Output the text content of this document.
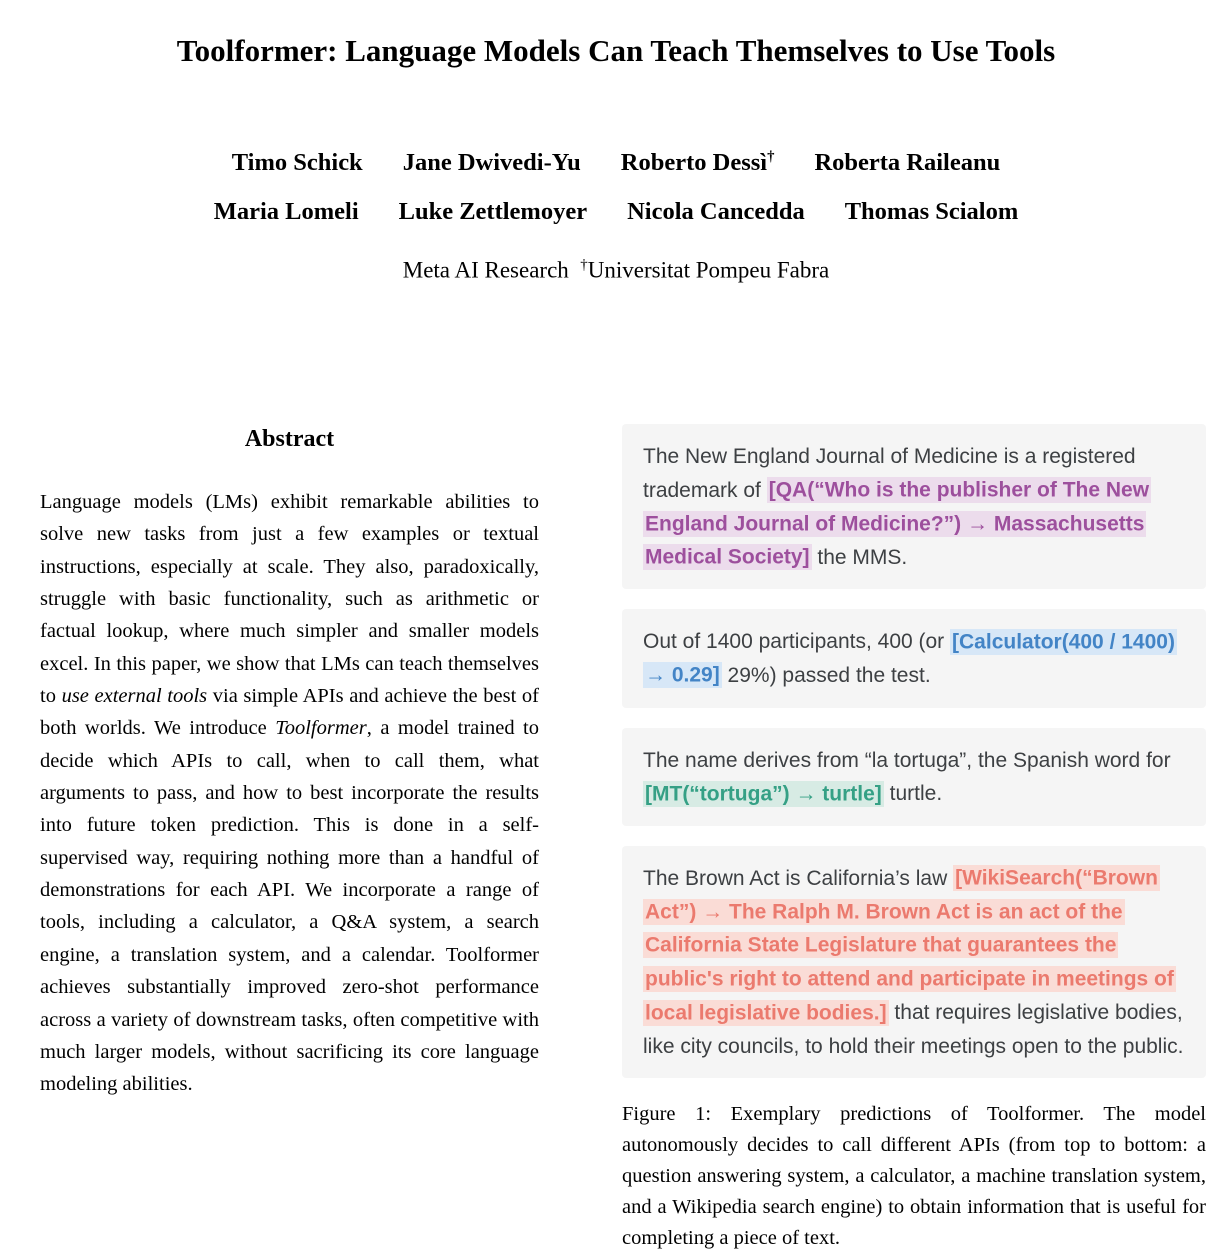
Toolformer: Language Models Can Teach Themselves to Use Tools
Timo Schick Jane Dwivedi-Yu Roberto Dessì† Roberta Raileanu
Maria Lomeli Luke Zettlemoyer Nicola Cancedda Thomas Scialom

Meta AI Research †Universitat Pompeu Fabra

Abstract

Language models (LMs) exhibit remarkable abilities to solve new tasks from just a few examples or textual instructions, especially at scale. They also, paradoxically, struggle with basic functionality, such as arithmetic or factual lookup, where much simpler and smaller models excel. In this paper, we show that LMs can teach themselves to use external tools via simple APIs and achieve the best of both worlds. We introduce Toolformer, a model trained to decide which APIs to call, when to call them, what arguments to pass, and how to best incorporate the results into future token prediction. This is done in a self-supervised way, requiring nothing more than a handful of demonstrations for each API. We incorporate a range of tools, including a calculator, a Q&A system, a search engine, a translation system, and a calendar. Toolformer achieves substantially improved zero-shot performance across a variety of downstream tasks, often competitive with much larger models, without sacrificing its core language modeling abilities.

The New England Journal of Medicine is a registered trademark of [QA(“Who is the publisher of The New England Journal of Medicine?”) → Massachusetts Medical Society] the MMS.

Out of 1400 participants, 400 (or [Calculator(400 / 1400) → 0.29] 29%) passed the test.

The name derives from “la tortuga”, the Spanish word for [MT(“tortuga”) → turtle] turtle.

The Brown Act is California’s law [WikiSearch(“Brown Act”) → The Ralph M. Brown Act is an act of the California State Legislature that guarantees the public's right to attend and participate in meetings of local legislative bodies.] that requires legislative bodies, like city councils, to hold their meetings open to the public.

Figure 1: Exemplary predictions of Toolformer. The model autonomously decides to call different APIs (from top to bottom: a question answering system, a calculator, a machine translation system, and a Wikipedia search engine) to obtain information that is useful for completing a piece of text.
